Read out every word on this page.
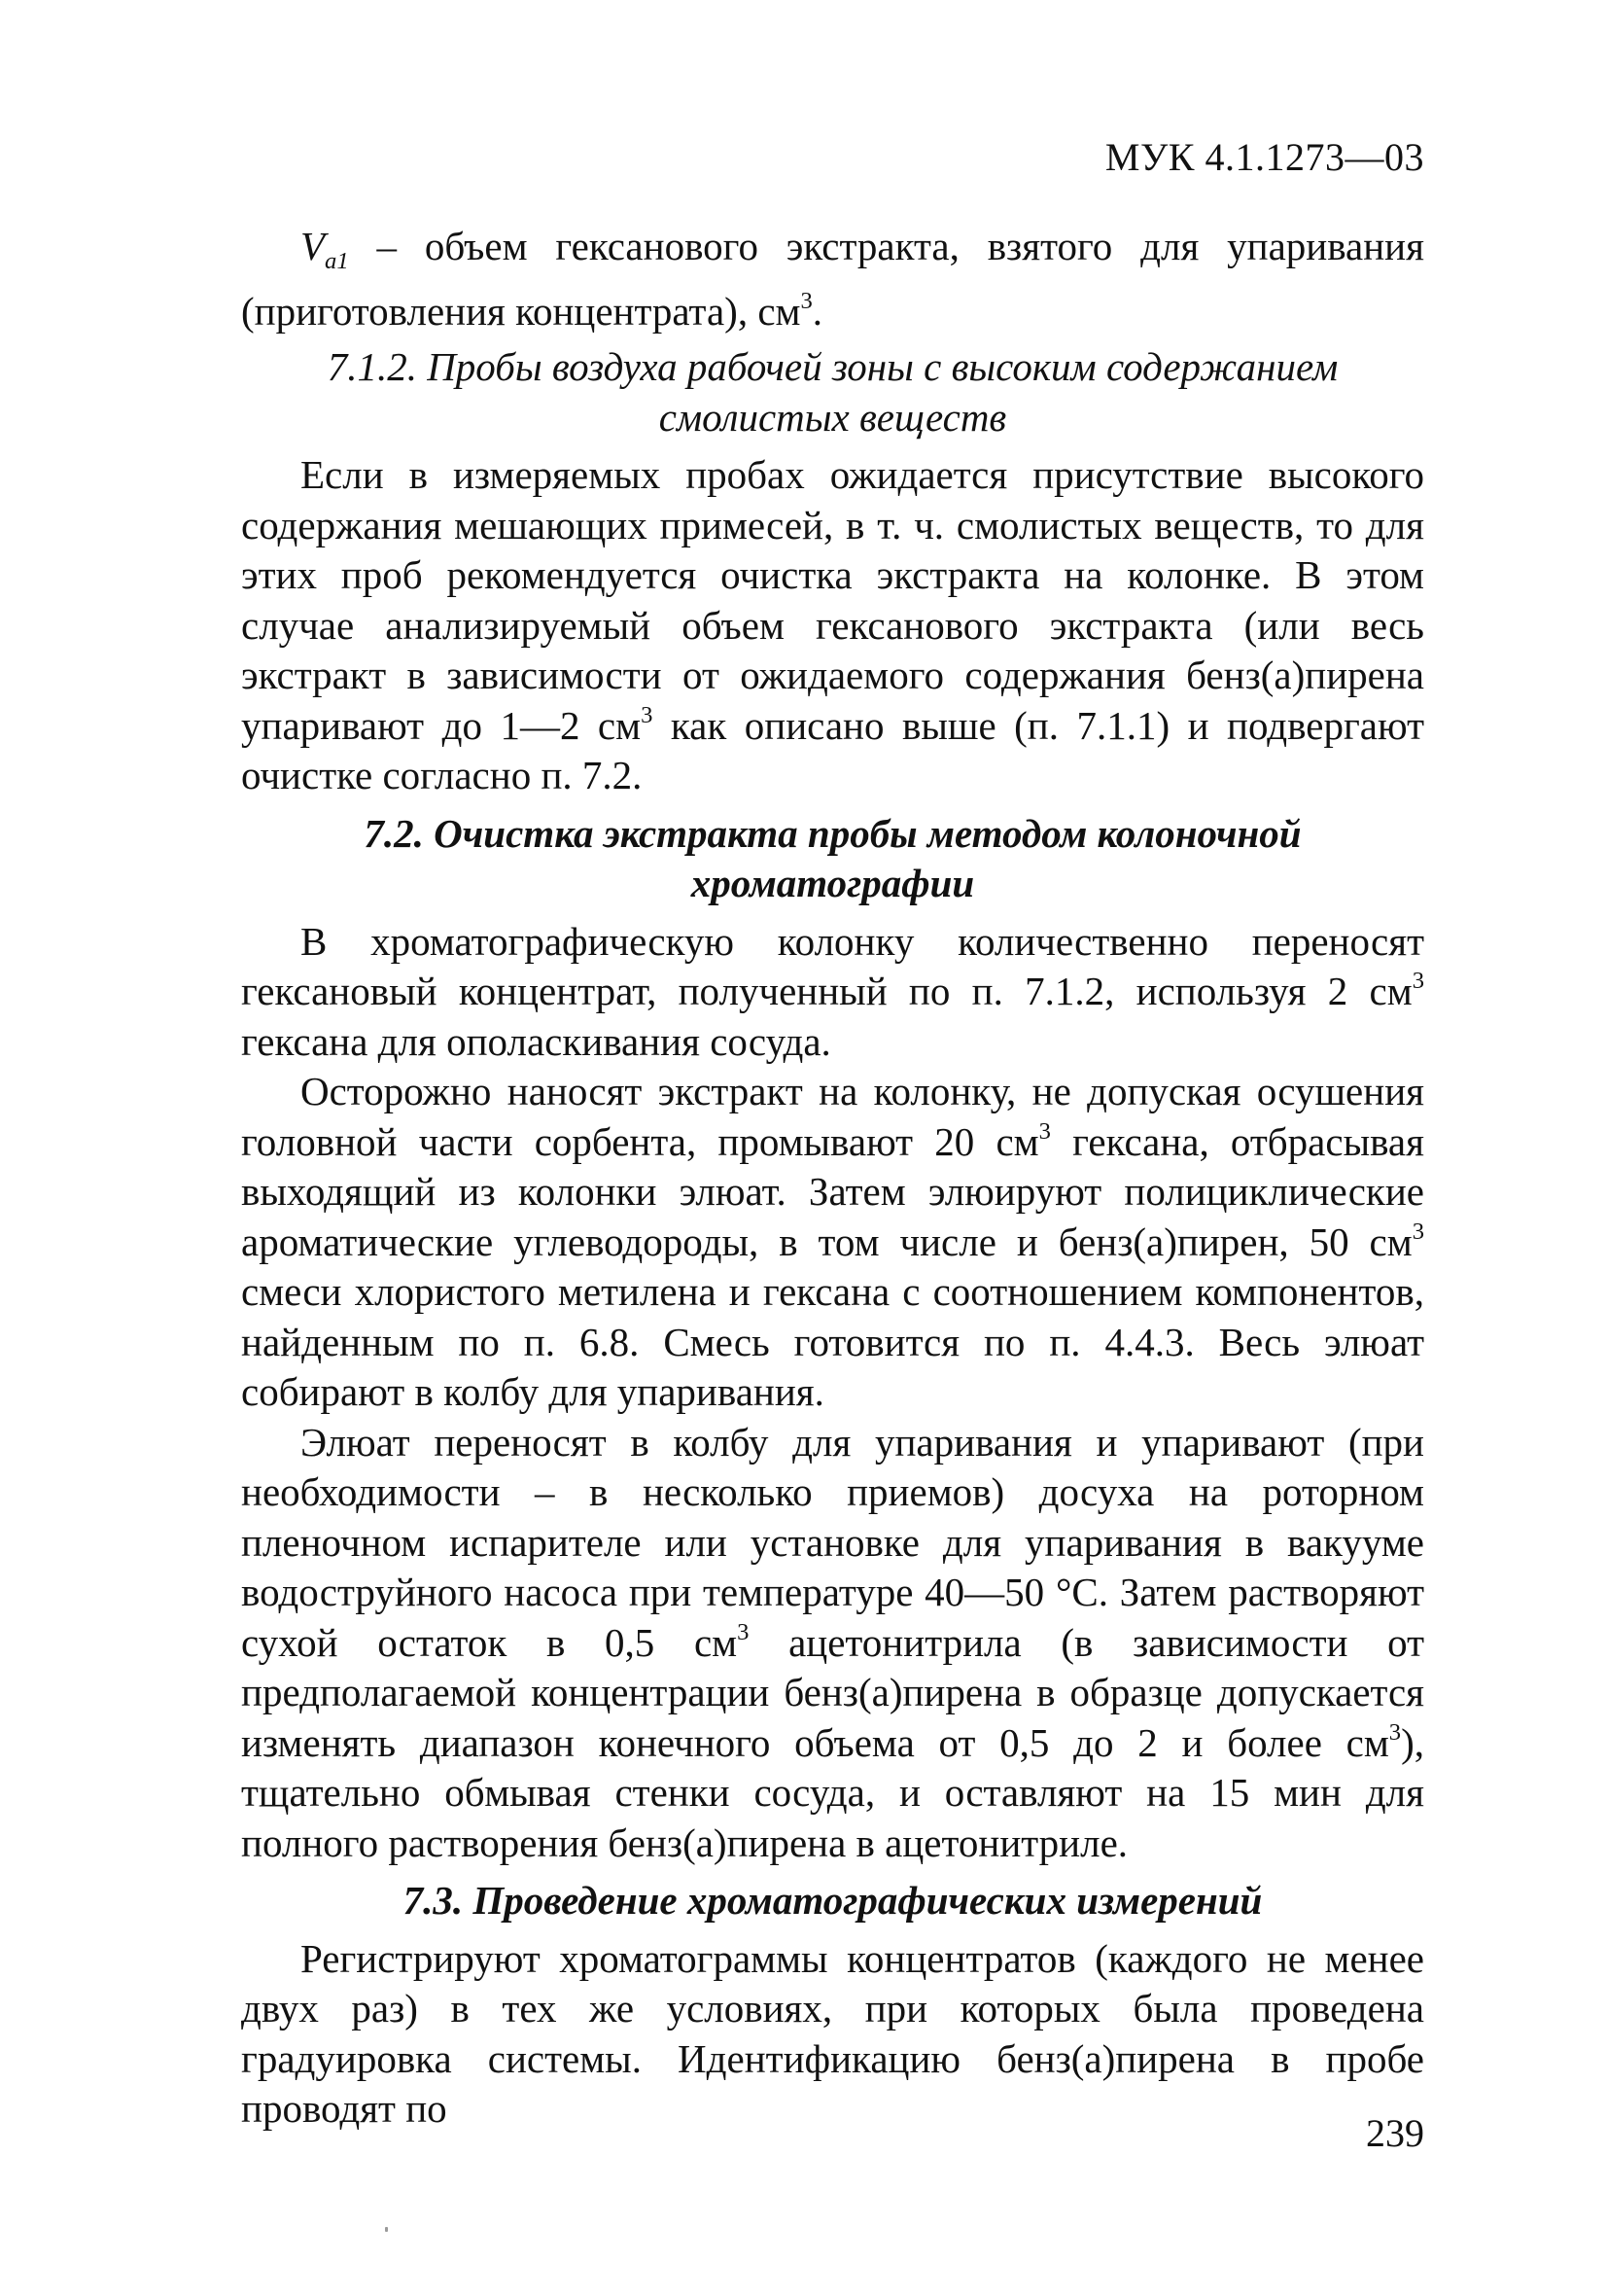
МУК 4.1.1273—03

$V_{а1}$ – объем гексанового экстракта, взятого для упаривания (приготовления концентрата), $см^3$.

7.1.2. Пробы воздуха рабочей зоны с высоким содержанием
смолистых веществ

Если в измеряемых пробах ожидается присутствие высокого содержания мешающих примесей, в т. ч. смолистых веществ, то для этих проб рекомендуется очистка экстракта на колонке. В этом случае анализируемый объем гексанового экстракта (или весь экстракт в зависимости от ожидаемого содержания бенз(а)пирена упаривают до 1—2 $см^3$ как описано выше (п. 7.1.1) и подвергают очистке согласно п. 7.2.

7.2. Очистка экстракта пробы методом колоночной
хроматографии

В хроматографическую колонку количественно переносят гексановый концентрат, полученный по п. 7.1.2, используя 2 $см^3$ гексана для ополаскивания сосуда.

Осторожно наносят экстракт на колонку, не допуская осушения головной части сорбента, промывают 20 $см^3$ гексана, отбрасывая выходящий из колонки элюат. Затем элюируют полициклические ароматические углеводороды, в том числе и бенз(а)пирен, 50 $см^3$ смеси хлористого метилена и гексана с соотношением компонентов, найденным по п. 6.8. Смесь готовится по п. 4.4.3. Весь элюат собирают в колбу для упаривания.

Элюат переносят в колбу для упаривания и упаривают (при необходимости – в несколько приемов) досуха на роторном пленочном испарителе или установке для упаривания в вакууме водоструйного насоса при температуре 40—50 °С. Затем растворяют сухой остаток в 0,5 $см^3$ ацетонитрила (в зависимости от предполагаемой концентрации бенз(а)пирена в образце допускается изменять диапазон конечного объема от 0,5 до 2 и более $см^3$), тщательно обмывая стенки сосуда, и оставляют на 15 мин для полного растворения бенз(а)пирена в ацетонитриле.

7.3. Проведение хроматографических измерений

Регистрируют хроматограммы концентратов (каждого не менее двух раз) в тех же условиях, при которых была проведена градуировка системы. Идентификацию бенз(а)пирена в пробе проводят по

239
